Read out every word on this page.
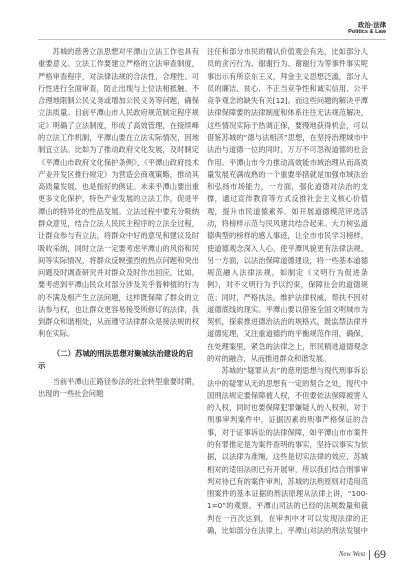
政治·法律
Politics & Law

苏城的慈善立法思想对平潭山立法工作也具有重要意义。立法工作要建立严格的立法审查制度，严格审查程序，对法律法规的合法性、合理性、可行性进行全面审查，防止出现与上位法相抵触、不合理地限制公民义务或增加公民义务等问题，确保立法质量。目前平潭山市人民政府规范制定程序规定》明确了立法制度，形成了高效管理，在接续峰的立法工作机制，平潭山要在立法实际情况，因地制宜立法。比如为了推动政府文化发展，及时制定《平潭山市政府文化保护条例》、《平潭山政府技术产业开发区推行规定》为营造会商观策略，推动其高质量发展，也是指好的例证。未来平潭山要出重更多文化保护，特色产业发展的立法工作，促进平潭山的特异化的性品发展。立法过程中要充分吸纳群众意见，结合立法人民民主程序的立法全过程，让群众参与有立法，将群众中好的意见和建议及时吸收采纳，同时立法一定要考虑平潭山的风俗和民间等实际情况，将群众反映强烈的热点问题和突出问题及时调查研究并对群众及时作出回应。比如，要考虑到平潭山民众对部分涉及关乎着种植的行为的不满及相产生立法问题，这样既保障了群众的立法参与权，也让群众更容易接受所修订的法律，我到群众和谐相处，从而遵守法律群众是接法规的权利在实际。

（二）苏城的刑法思想对聚城法治建设的启示

当前平潭山正路径参法的社会转型重要时期，出现的一些社会问题

注任和部分市民的精认价值观会有先，比如部分人员的贪污行为、谢谢行为、谢谢行为等事件事实呢事出示有所京东王又，拜金主义思想泛滥，部分人员的廉洁、贫心、不正当竞争性和诚实信用、公平竞争观念的缺失有关[12]。而这些问题的解决平潭法律保障要的法律制度和体系往往无法规范解决，这些情况实际于热调正保，要慢地获得机会，可以借鉴苏城的“德与法相济”思想，在坚持治理城市中法治与道德一位的同时，万万不可忽视道德的社会作用。平潭山市今力推动高效能市域治理从而高质量发展充满成熟的一个重要举措就是加强市域法治和弘扬市场能力，一方面，强化道德对法治的支撑，通过宣传教育等方式反推社会主义核心价值观，提升市民道德素养。如开展道德模范评选活动，将榜样示范与民风建共结合起来。大力树弘道德典型的榜样的感人事迹，让全市市民学习榜样，使道德观念深入人心，使平潭风貌更有法律法规、另一方面，以法治保障道德建设，将一些基本道德规范融入法律法规，如制定《文明行为促进条例》，对不文明行为予以约束，保障社会的道德规范；同时，严格执法，维护法律权威，帮扶不因对道德底线的现实。平潭山要以借鉴全国文明城市为契机，探索推进德治法治的规格式，既监禁法律并道德宪理，又注重道德约的平衡规范作用，确保，在处理案里，紧急的法律之上，形民精进道德观念的对的融合，从而推进群众和谐发展。

苏城的“疑罪从去”的慈刑思想与现代刑事诉讼法中的疑罪从无的思想有一定的契合之处，现代中国刑法规定要保障被人权，不但要依法保障被害人的人权，同时也要保障犯罪嫌疑人的人权利，对于刑事审判案件中，证据因素的刑事严格保证的合事，对于证事诉讼的法律保障，如平潭山市市案件的有罪推定是为案件查明的事实，坚持以事实为依据，以法律为准绳，这些是切实法律的效应，苏城相对的适用法则已有开展审，所以我们结合刑事审判对待已有的案件审判，苏城的法刑原则对适用范围案件的基本证据的刑法原理从法律上讲，“100-1=0”的观察，平潭山司法的已经的法规数量和裁判在一百次达到，在审判中才可以发现法律的正确，比如部分在法律上，平潭山对法的刑法发展中

New West 69
